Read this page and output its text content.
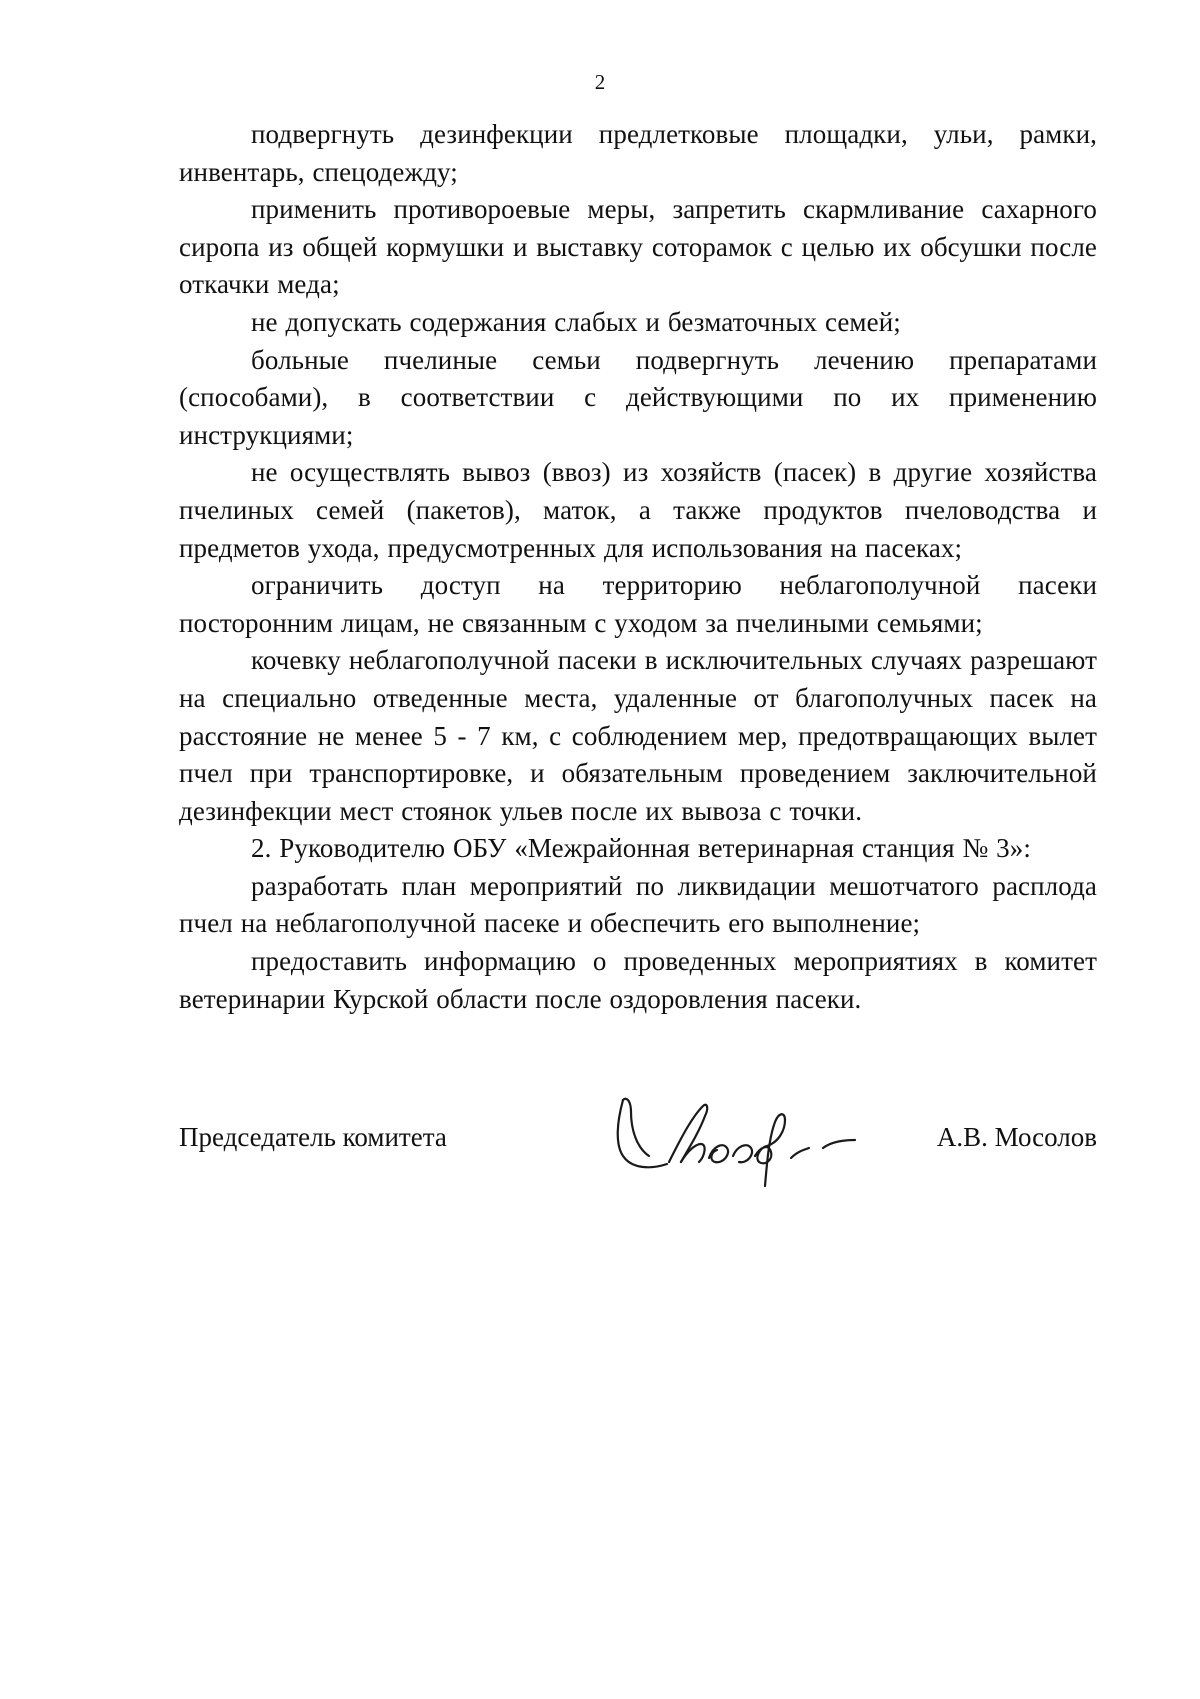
2

подвергнуть дезинфекции предлетковые площадки, ульи, рамки, инвентарь, спецодежду;

применить противороевые меры, запретить скармливание сахарного сиропа из общей кормушки и выставку соторамок с целью их обсушки после откачки меда;

не допускать содержания слабых и безматочных семей;

больные пчелиные семьи подвергнуть лечению препаратами (способами), в соответствии с действующими по их применению инструкциями;

не осуществлять вывоз (ввоз) из хозяйств (пасек) в другие хозяйства пчелиных семей (пакетов), маток, а также продуктов пчеловодства и предметов ухода, предусмотренных для использования на пасеках;

ограничить доступ на территорию неблагополучной пасеки посторонним лицам, не связанным с уходом за пчелиными семьями;

кочевку неблагополучной пасеки в исключительных случаях разрешают на специально отведенные места, удаленные от благополучных пасек на расстояние не менее 5 - 7 км, с соблюдением мер, предотвращающих вылет пчел при транспортировке, и обязательным проведением заключительной дезинфекции мест стоянок ульев после их вывоза с точки.

2. Руководителю ОБУ «Межрайонная ветеринарная станция № 3»:

разработать план мероприятий по ликвидации мешотчатого расплода пчел на неблагополучной пасеке и обеспечить его выполнение;

предоставить информацию о проведенных мероприятиях в комитет ветеринарии Курской области после оздоровления пасеки.

Председатель комитета	А.В. Мосолов
